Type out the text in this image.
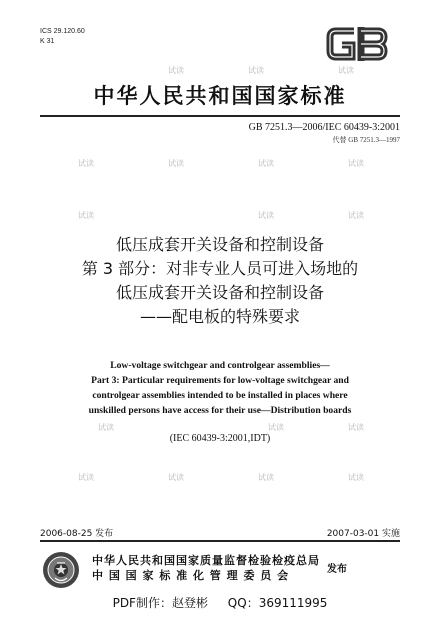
ICS 29.120.60
K 31
中华人民共和国国家标准
GB 7251.3—2006/IEC 60439-3:2001
代替 GB 7251.3—1997
低压成套开关设备和控制设备
第 3 部分：对非专业人员可进入场地的
低压成套开关设备和控制设备
——配电板的特殊要求
Low-voltage switchgear and controlgear assemblies—
Part 3: Particular requirements for low-voltage switchgear and
controlgear assemblies intended to be installed in places where
unskilled persons have access for their use—Distribution boards
(IEC 60439-3:2001,IDT)
试读	试读	试读
试读	试读	试读	试读
试读	试读	试读
试读	试读	试读
试读	试读	试读	试读
2006-08-25 发布	2007-03-01 实施
中华人民共和国国家质量监督检验检疫总局
中 国 国 家 标 准 化 管 理 委 员 会	发布
PDF制作：赵登彬 QQ：369111995
